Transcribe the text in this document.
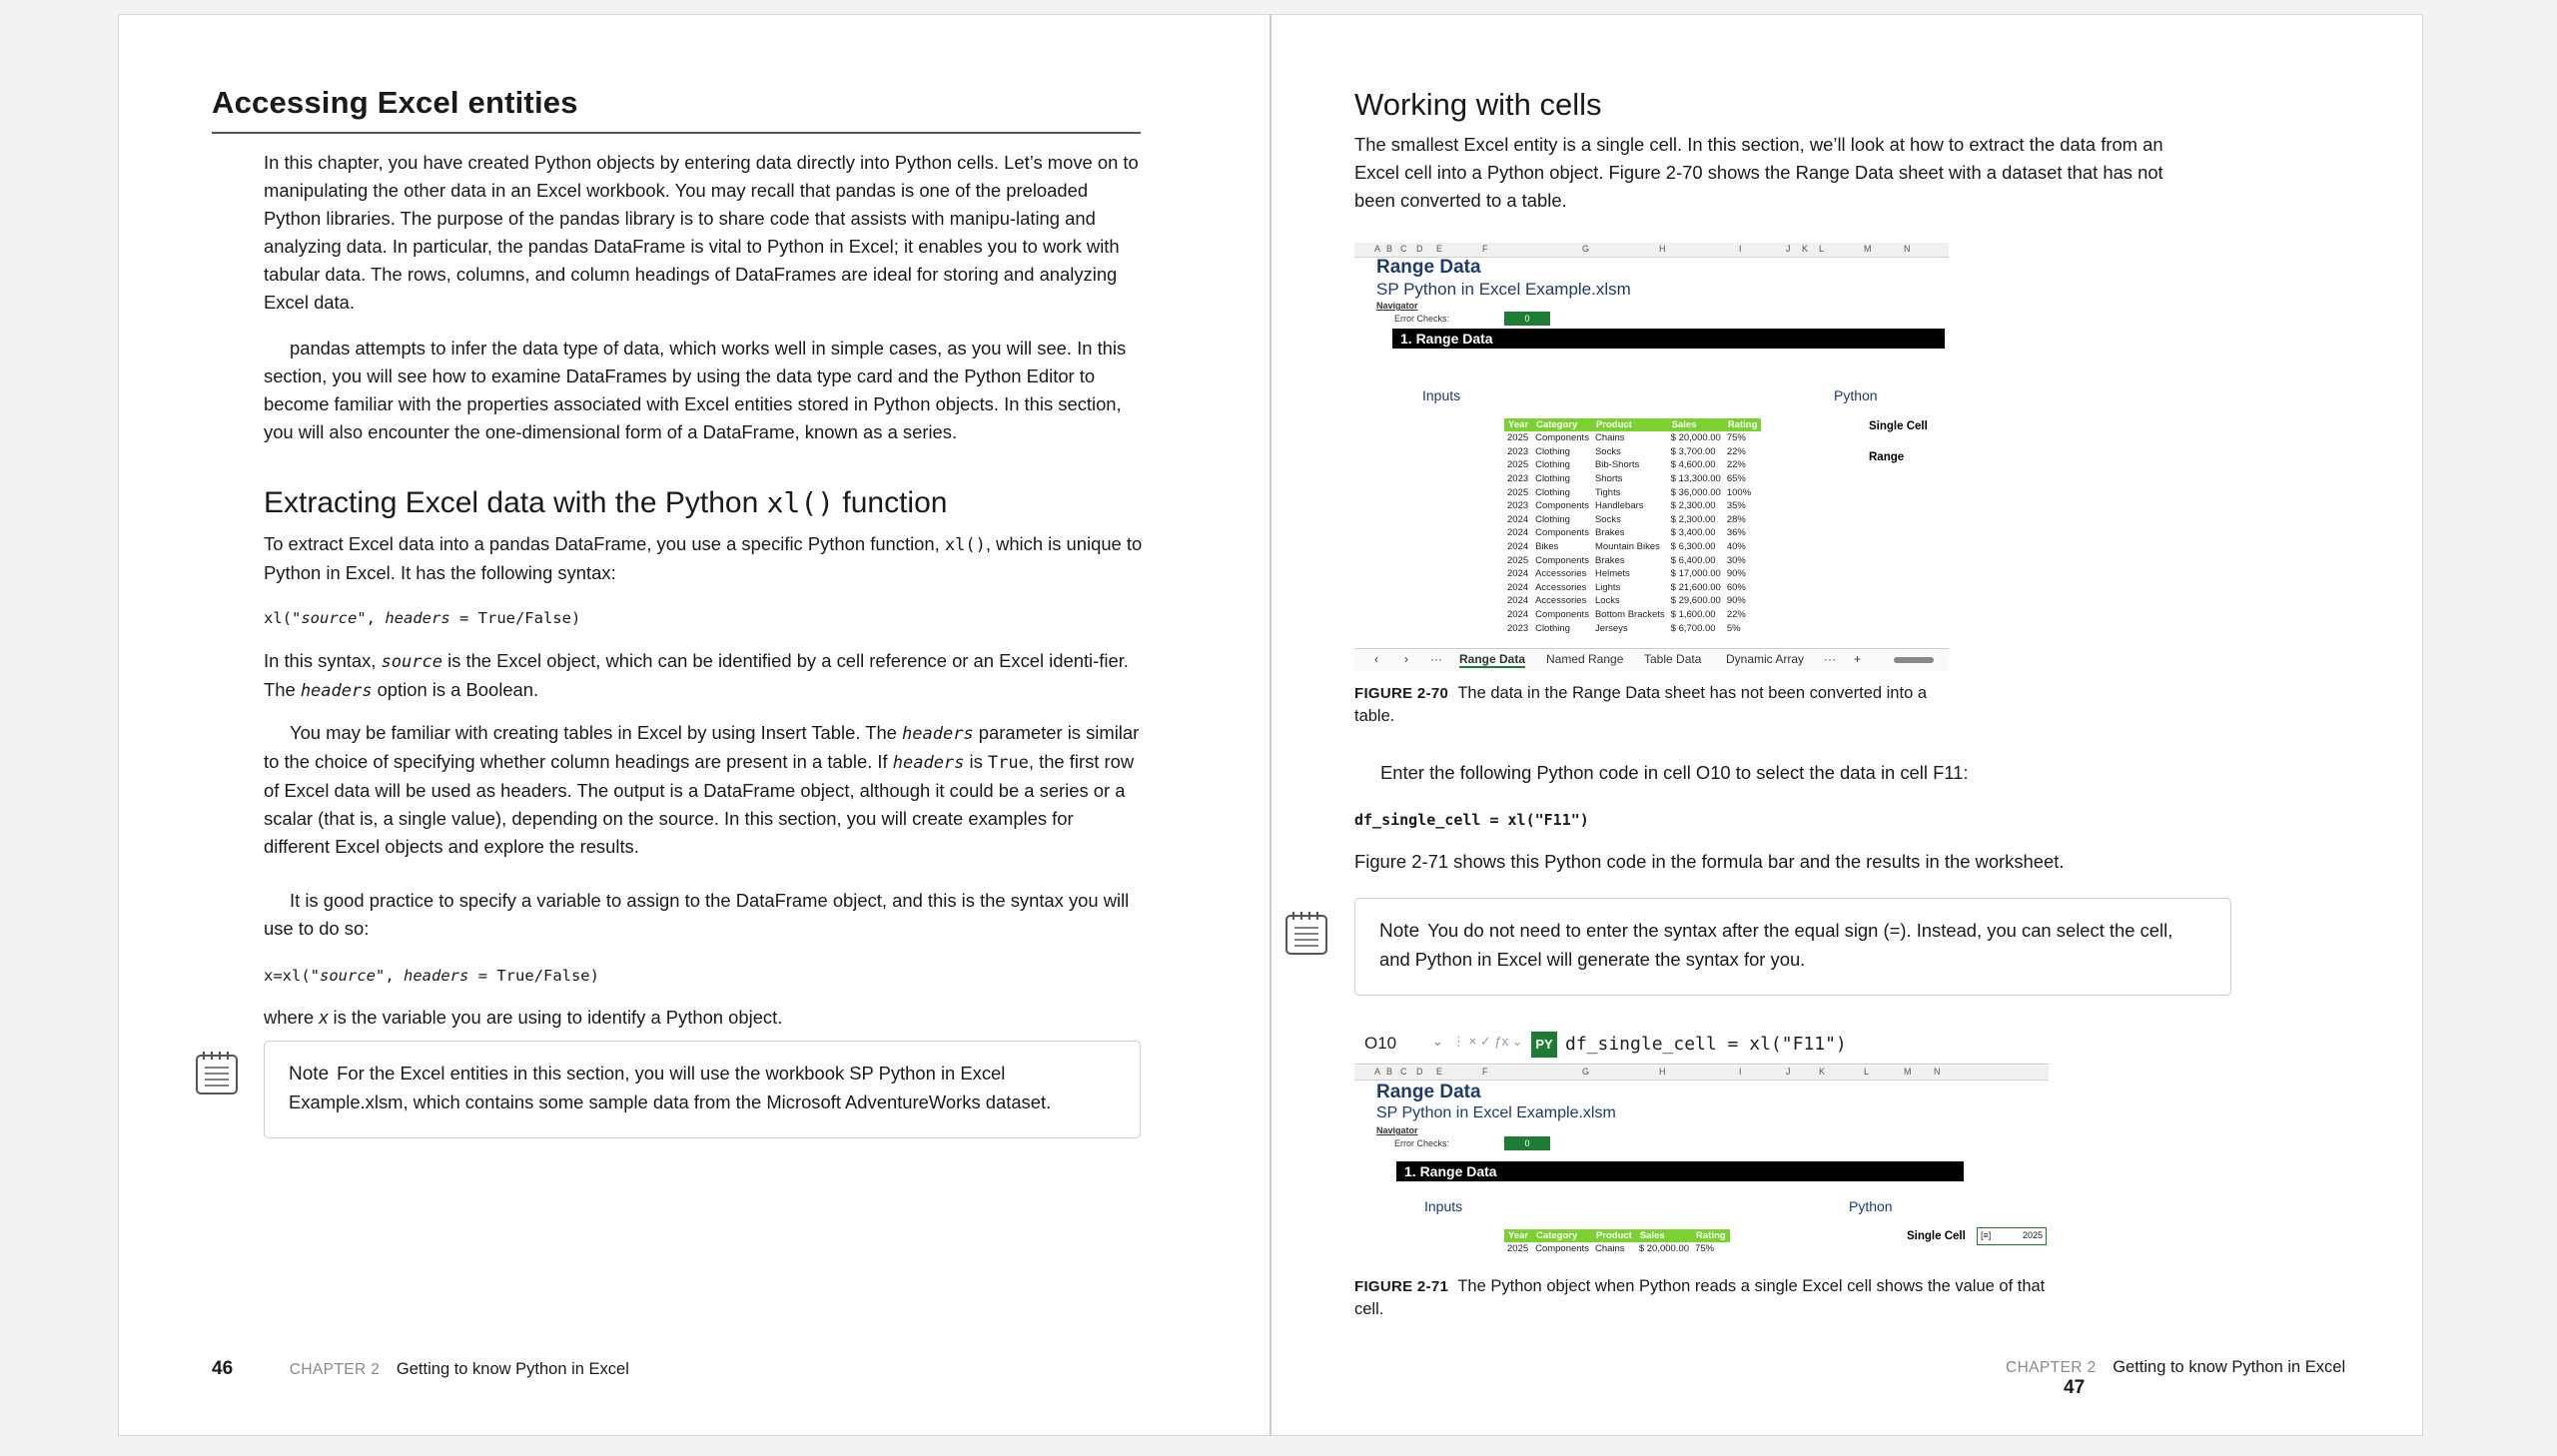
Accessing Excel entities

In this chapter, you have created Python objects by entering data directly into Python cells. Let’s move on to manipulating the other data in an Excel workbook. You may recall that pandas is one of the preloaded Python libraries. The purpose of the pandas library is to share code that assists with manipu-lating and analyzing data. In particular, the pandas DataFrame is vital to Python in Excel; it enables you to work with tabular data. The rows, columns, and column headings of DataFrames are ideal for storing and analyzing Excel data.

pandas attempts to infer the data type of data, which works well in simple cases, as you will see. In this section, you will see how to examine DataFrames by using the data type card and the Python Editor to become familiar with the properties associated with Excel entities stored in Python objects. In this section, you will also encounter the one-dimensional form of a DataFrame, known as a series.

Extracting Excel data with the Python xl() function

To extract Excel data into a pandas DataFrame, you use a specific Python function, xl(), which is unique to Python in Excel. It has the following syntax:

xl("source", headers = True/False)

In this syntax, source is the Excel object, which can be identified by a cell reference or an Excel identi-fier. The headers option is a Boolean.

You may be familiar with creating tables in Excel by using Insert Table. The headers parameter is similar to the choice of specifying whether column headings are present in a table. If headers is True, the first row of Excel data will be used as headers. The output is a DataFrame object, although it could be a series or a scalar (that is, a single value), depending on the source. In this section, you will create examples for different Excel objects and explore the results.

It is good practice to specify a variable to assign to the DataFrame object, and this is the syntax you will use to do so:

x=xl("source", headers = True/False)

where x is the variable you are using to identify a Python object.

Note For the Excel entities in this section, you will use the workbook SP Python in Excel Example.xlsm, which contains some sample data from the Microsoft AdventureWorks dataset.

46	CHAPTER 2 Getting to know Python in Excel
Working with cells

The smallest Excel entity is a single cell. In this section, we’ll look at how to extract the data from an Excel cell into a Python object. Figure 2-70 shows the Range Data sheet with a dataset that has not been converted to a table.

A B C D E	F	G	H	I	J K L	M	N
Range Data
SP Python in Excel Example.xlsm
Navigator
Error Checks:	0
1. Range Data
Inputs	Python
Single Cell
Range
Year	Category	Product	Sales	Rating
2025	Components	Chains	$ 20,000.00	75%
2023	Clothing	Socks	$ 3,700.00	22%
2025	Clothing	Bib-Shorts	$ 4,600.00	22%
2023	Clothing	Shorts	$ 13,300.00	65%
2025	Clothing	Tights	$ 36,000.00	100%
2023	Components	Handlebars	$ 2,300.00	35%
2024	Clothing	Socks	$ 2,300.00	28%
2024	Components	Brakes	$ 3,400.00	36%
2024	Bikes	Mountain Bikes	$ 6,300.00	40%
2025	Components	Brakes	$ 6,400.00	30%
2024	Accessories	Helmets	$ 17,000.00	90%
2024	Accessories	Lights	$ 21,600.00	60%
2024	Accessories	Locks	$ 29,600.00	90%
2024	Components	Bottom Brackets	$ 1,600.00	22%
2023	Clothing	Jerseys	$ 6,700.00	5%
‹ › ··· Range Data Named Range Table Data Dynamic Array ··· +

FIGURE 2-70 The data in the Range Data sheet has not been converted into a table.

Enter the following Python code in cell O10 to select the data in cell F11:

df_single_cell = xl("F11")

Figure 2-71 shows this Python code in the formula bar and the results in the worksheet.

Note You do not need to enter the syntax after the equal sign (=). Instead, you can select the cell, and Python in Excel will generate the syntax for you.

O10	⌄ ⋮ × ✓ ƒx ⌄ PY df_single_cell = xl("F11")
A B C D E	F	G	H	I	J	K	L	M	N
Range Data
SP Python in Excel Example.xlsm
Navigator
Error Checks:	0
1. Range Data
Inputs	Python
Single Cell [≡]	2025
Year	Category	Product	Sales	Rating
2025	Components	Chains	$ 20,000.00	75%

FIGURE 2-71 The Python object when Python reads a single Excel cell shows the value of that cell.

CHAPTER 2 Getting to know Python in Excel 47
